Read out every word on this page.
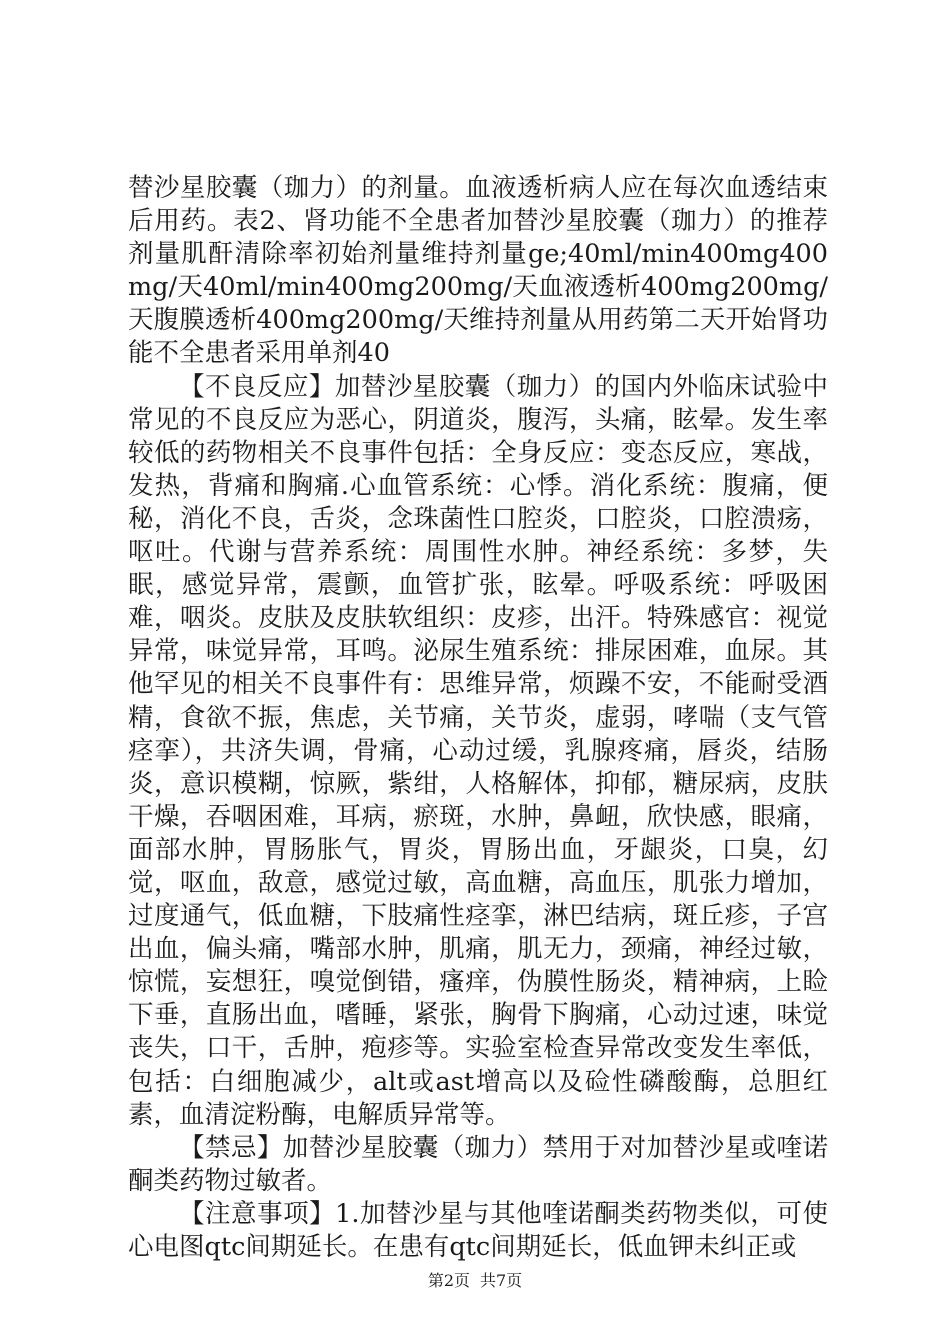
替沙星胶囊（珈力）的剂量。血液透析病人应在每次血透结束后用药。表2、肾功能不全患者加替沙星胶囊（珈力）的推荐剂量肌酐清除率初始剂量维持剂量ge;40ml/min400mg400mg/天40ml/min400mg200mg/天血液透析400mg200mg/天腹膜透析400mg200mg/天维持剂量从用药第二天开始肾功能不全患者采用单剂40

【不良反应】加替沙星胶囊（珈力）的国内外临床试验中常见的不良反应为恶心，阴道炎，腹泻，头痛，眩晕。发生率较低的药物相关不良事件包括：全身反应：变态反应，寒战，发热，背痛和胸痛.心血管系统：心悸。消化系统：腹痛，便秘，消化不良，舌炎，念珠菌性口腔炎，口腔炎，口腔溃疡，呕吐。代谢与营养系统：周围性水肿。神经系统：多梦，失眠，感觉异常，震颤，血管扩张，眩晕。呼吸系统：呼吸困难，咽炎。皮肤及皮肤软组织：皮疹，出汗。特殊感官：视觉异常，味觉异常，耳鸣。泌尿生殖系统：排尿困难，血尿。其他罕见的相关不良事件有：思维异常，烦躁不安，不能耐受酒精，食欲不振，焦虑，关节痛，关节炎，虚弱，哮喘（支气管痉挛），共济失调，骨痛，心动过缓，乳腺疼痛，唇炎，结肠炎，意识模糊，惊厥，紫绀，人格解体，抑郁，糖尿病，皮肤干燥，吞咽困难，耳病，瘀斑，水肿，鼻衄，欣快感，眼痛，面部水肿，胃肠胀气，胃炎，胃肠出血，牙龈炎，口臭，幻觉，呕血，敌意，感觉过敏，高血糖，高血压，肌张力增加，过度通气，低血糖，下肢痛性痉挛，淋巴结病，斑丘疹，子宫出血，偏头痛，嘴部水肿，肌痛，肌无力，颈痛，神经过敏，惊慌，妄想狂，嗅觉倒错，瘙痒，伪膜性肠炎，精神病，上睑下垂，直肠出血，嗜睡，紧张，胸骨下胸痛，心动过速，味觉丧失，口干，舌肿，疱疹等。实验室检查异常改变发生率低，包括：白细胞减少，alt或ast增高以及硷性磷酸酶，总胆红素，血清淀粉酶，电解质异常等。

【禁忌】加替沙星胶囊（珈力）禁用于对加替沙星或喹诺酮类药物过敏者。

【注意事项】1.加替沙星与其他喹诺酮类药物类似，可使心电图qtc间期延长。在患有qtc间期延长，低血钾未纠正或

第2页 共7页
